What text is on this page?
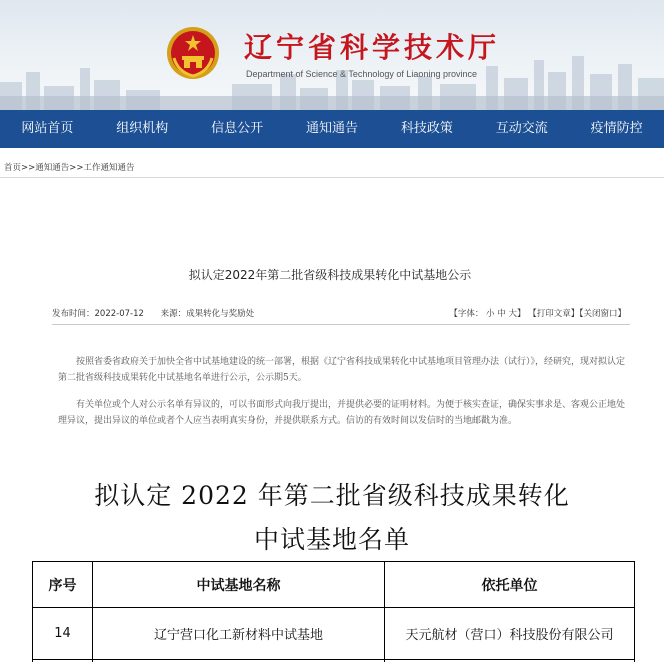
辽宁省科学技术厅
Department of Science & Technology of Liaoning province
网站首页	组织机构	信息公开	通知通告	科技政策	互动交流	疫情防控
首页>>通知通告>>工作通知通告
拟认定2022年第二批省级科技成果转化中试基地公示
发布时间：2022-07-12 来源：成果转化与奖励处	【字体： 小 中 大】 【打印文章】【关闭窗口】

按照省委省政府关于加快全省中试基地建设的统一部署，根据《辽宁省科技成果转化中试基地项目管理办法（试行）》，经研究，现对拟认定第二批省级科技成果转化中试基地名单进行公示，公示期5天。

有关单位或个人对公示名单有异议的，可以书面形式向我厅提出，并提供必要的证明材料。为便于核实查证，确保实事求是、客观公正地处理异议，提出异议的单位或者个人应当表明真实身份，并提供联系方式。信访的有效时间以发信时的当地邮戳为准。

拟认定 2022 年第二批省级科技成果转化
中试基地名单
序号	中试基地名称	依托单位
14	辽宁营口化工新材料中试基地	天元航材（营口）科技股份有限公司
